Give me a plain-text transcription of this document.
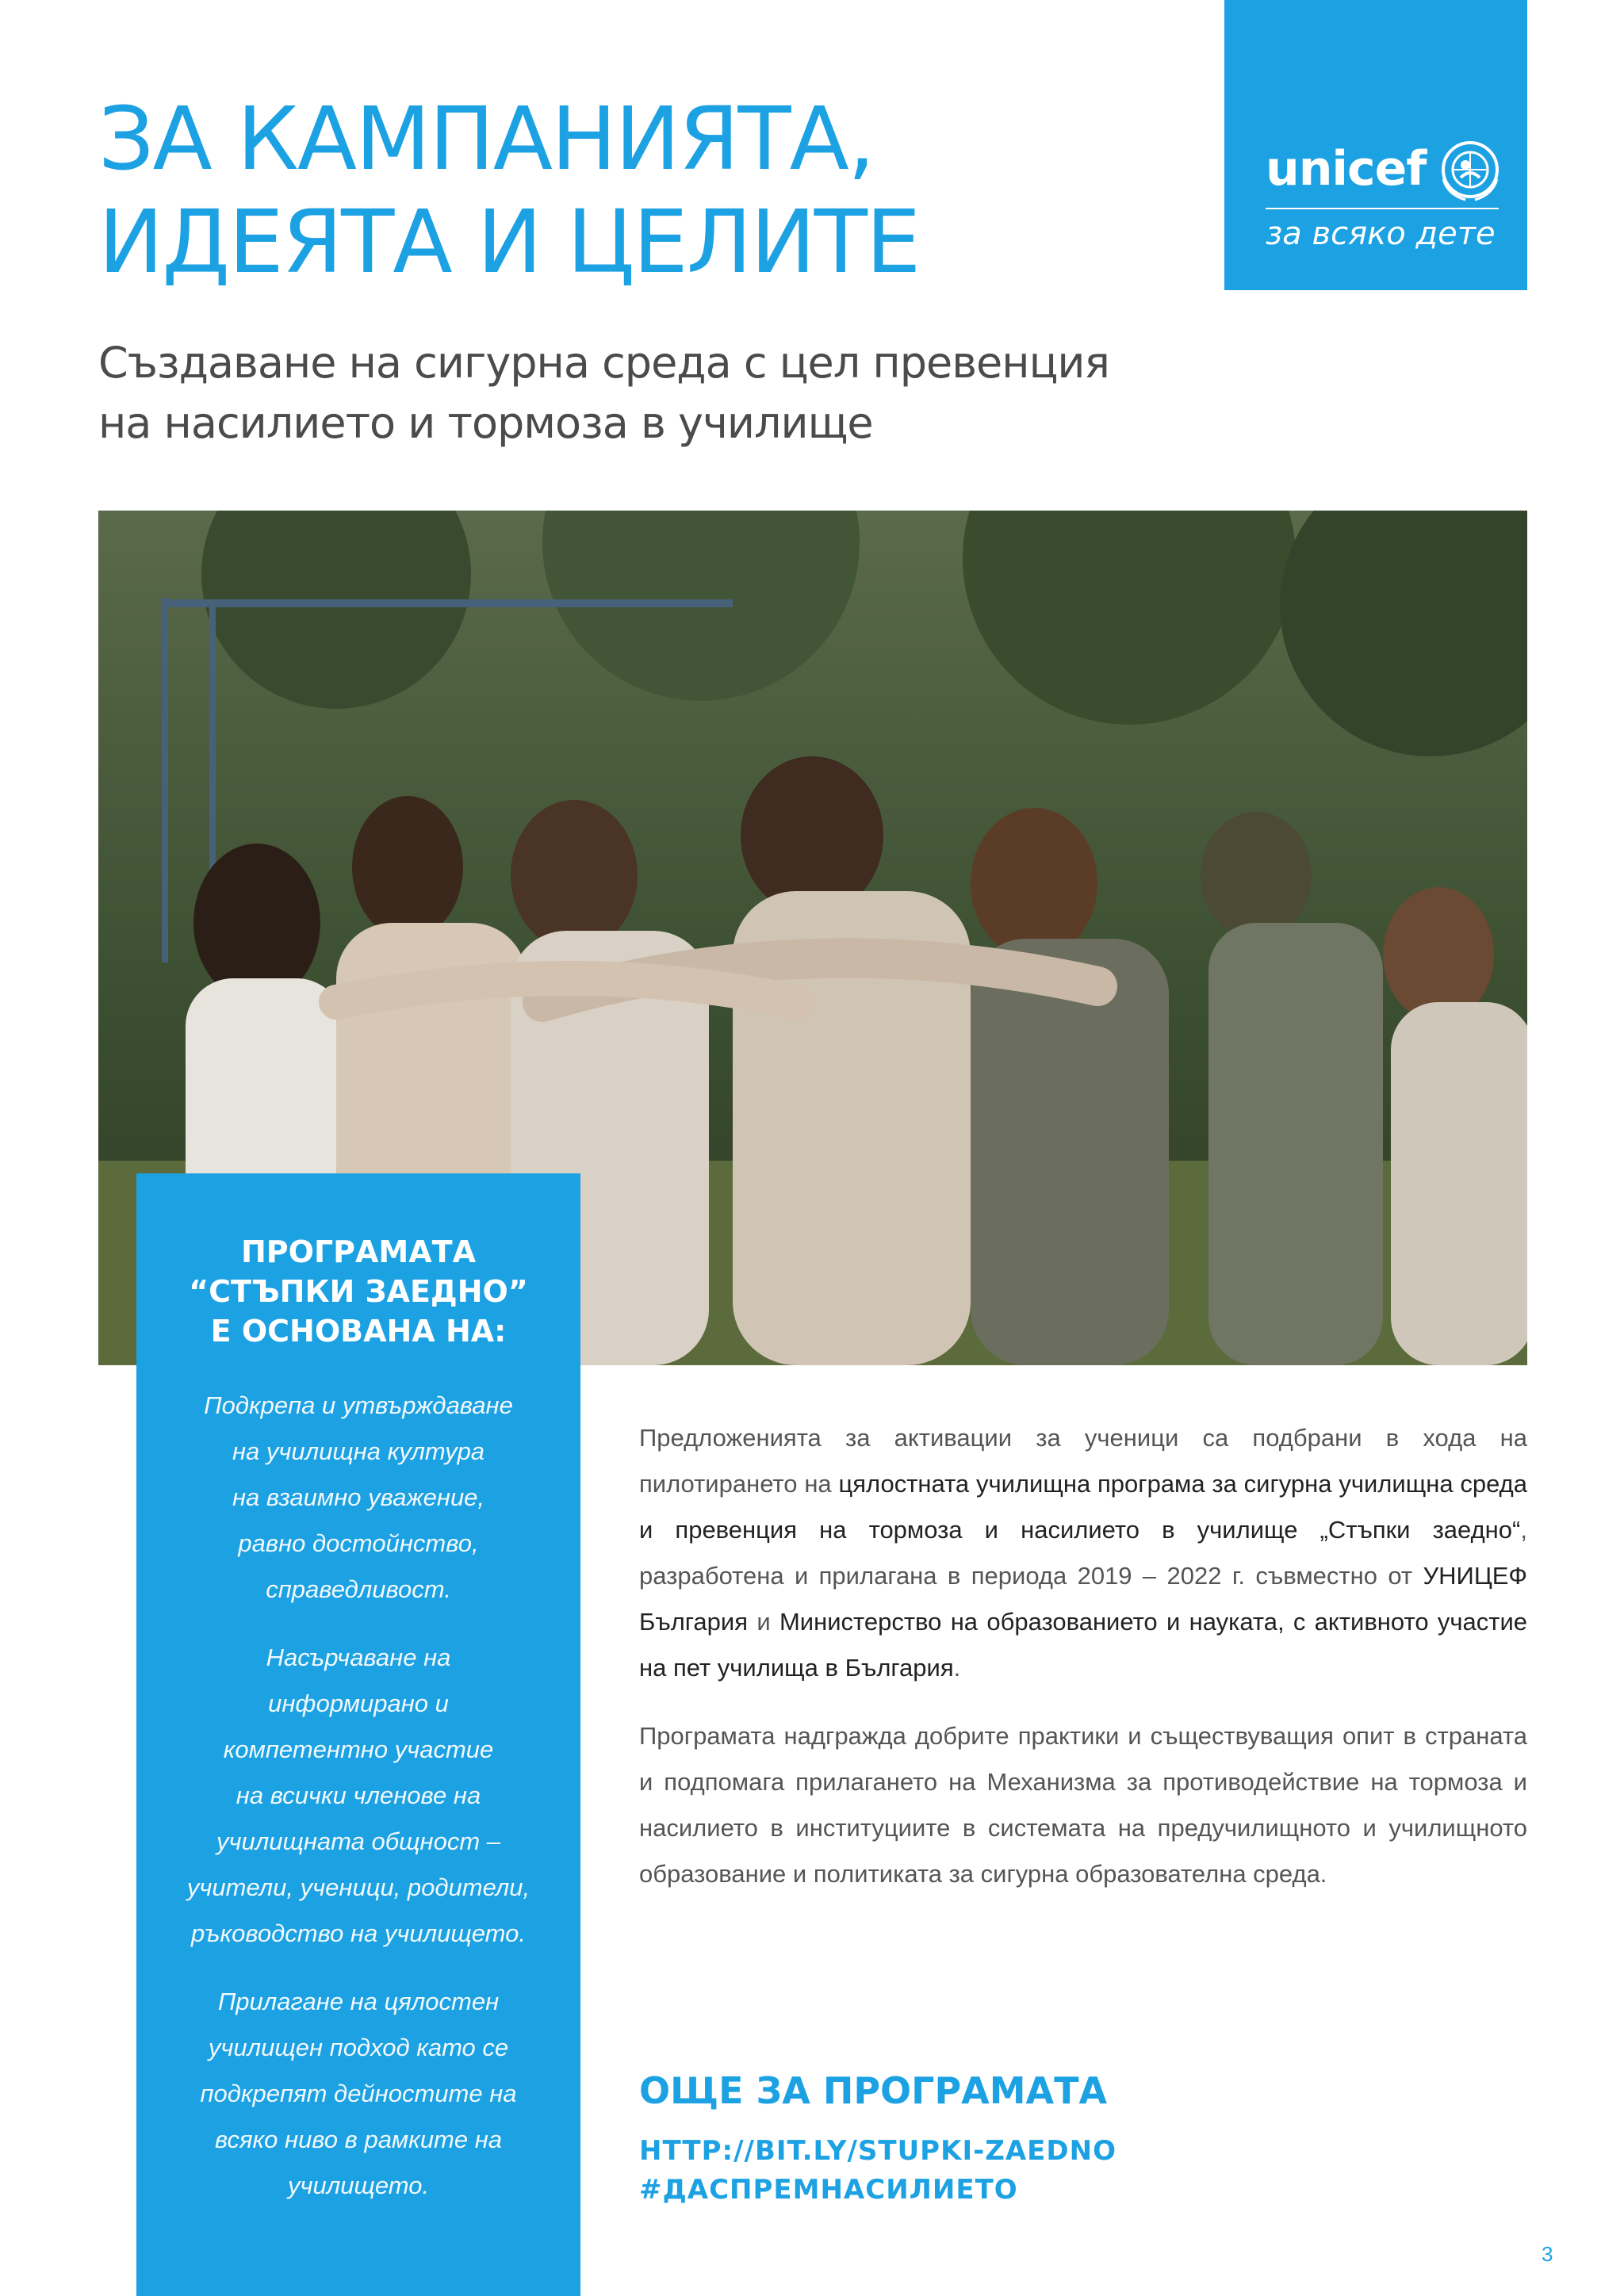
ЗА КАМПАНИЯТА,
ИДЕЯТА И ЦЕЛИТЕ
Създаване на сигурна среда с цел превенция
на насилието и тормоза в училище
unicef
за всяко дете
ПРОГРАМАТА
“СТЪПКИ ЗАЕДНО”
Е ОСНОВАНА НА:

Подкрепа и утвърждаване
на училищна култура
на взаимно уважение,
равно достойнство,
справедливост.

Насърчаване на
информирано и
компетентно участие
на всички членове на
училищната общност –
учители, ученици, родители,
ръководство на училището.

Прилагане на цялостен
училищен подход като се
подкрепят дейностите на
всяко ниво в рамките на
училището.

Предложенията за активации за ученици са подбрани в хода на пилотирането на цялостната училищна програма за сигурна училищна среда и превенция на тормоза и насилието в училище „Стъпки заедно“, разработена и прилагана в периода 2019 – 2022 г. съвместно от УНИЦЕФ България и Министерство на образованието и науката, с активното участие на пет училища в България.

Програмата надгражда добрите практики и съществуващия опит в страната и подпомага прилагането на Механизма за противодействие на тормоза и насилието в институциите в системата на предучилищното и училищното образование и политиката за сигурна образователна среда.

ОЩЕ ЗА ПРОГРАМАТА
HTTP://BIT.LY/STUPKI-ZAEDNO
#ДАСПРЕМНАСИЛИЕТО
3
